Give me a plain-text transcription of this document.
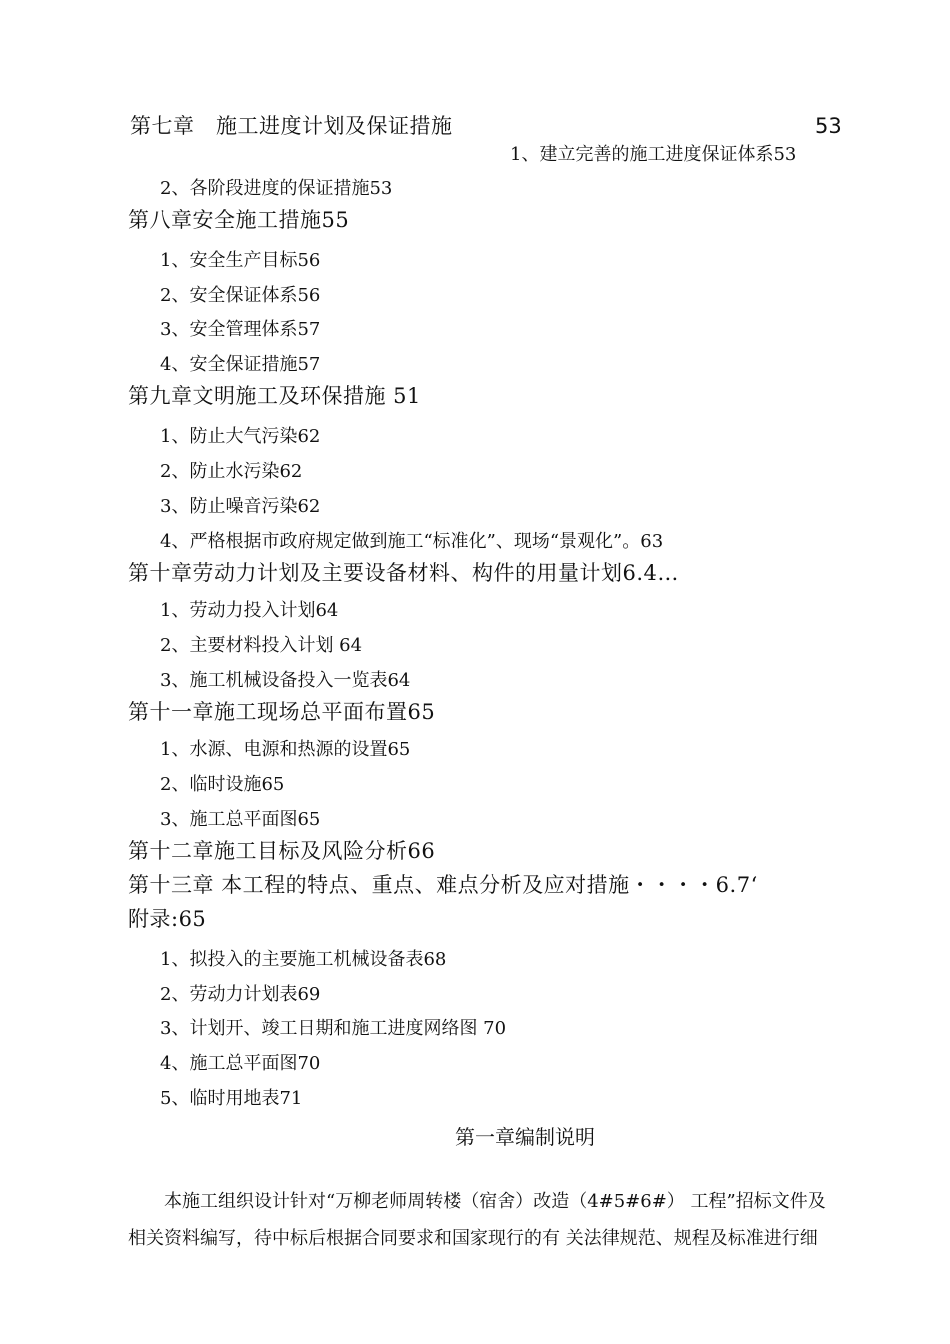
第七章　施工进度计划及保证措施	53
1、建立完善的施工进度保证体系53
2、各阶段进度的保证措施53
第八章安全施工措施55
1、安全生产目标56
2、安全保证体系56
3、安全管理体系57
4、安全保证措施57
第九章文明施工及环保措施 51
1、防止大气污染62
2、防止水污染62
3、防止噪音污染62
4、严格根据市政府规定做到施工“标准化”、现场“景观化”。63
第十章劳动力计划及主要设备材料、构件的用量计划6.4…
1、劳动力投入计划64
2、主要材料投入计划 64
3、施工机械设备投入一览表64
第十一章施工现场总平面布置65
1、水源、电源和热源的设置65
2、临时设施65
3、施工总平面图65
第十二章施工目标及风险分析66
第十三章 本工程的特点、重点、难点分析及应对措施・・・・6.7‘
附录:65
1、拟投入的主要施工机械设备表68
2、劳动力计划表69
3、计划开、竣工日期和施工进度网络图 70
4、施工总平面图70
5、临时用地表71
第一章编制说明
　　本施工组织设计针对“万柳老师周转楼（宿舍）改造（4#5#6#） 工程”招标文件及
相关资料编写，待中标后根据合同要求和国家现行的有 关法律规范、规程及标准进行细
